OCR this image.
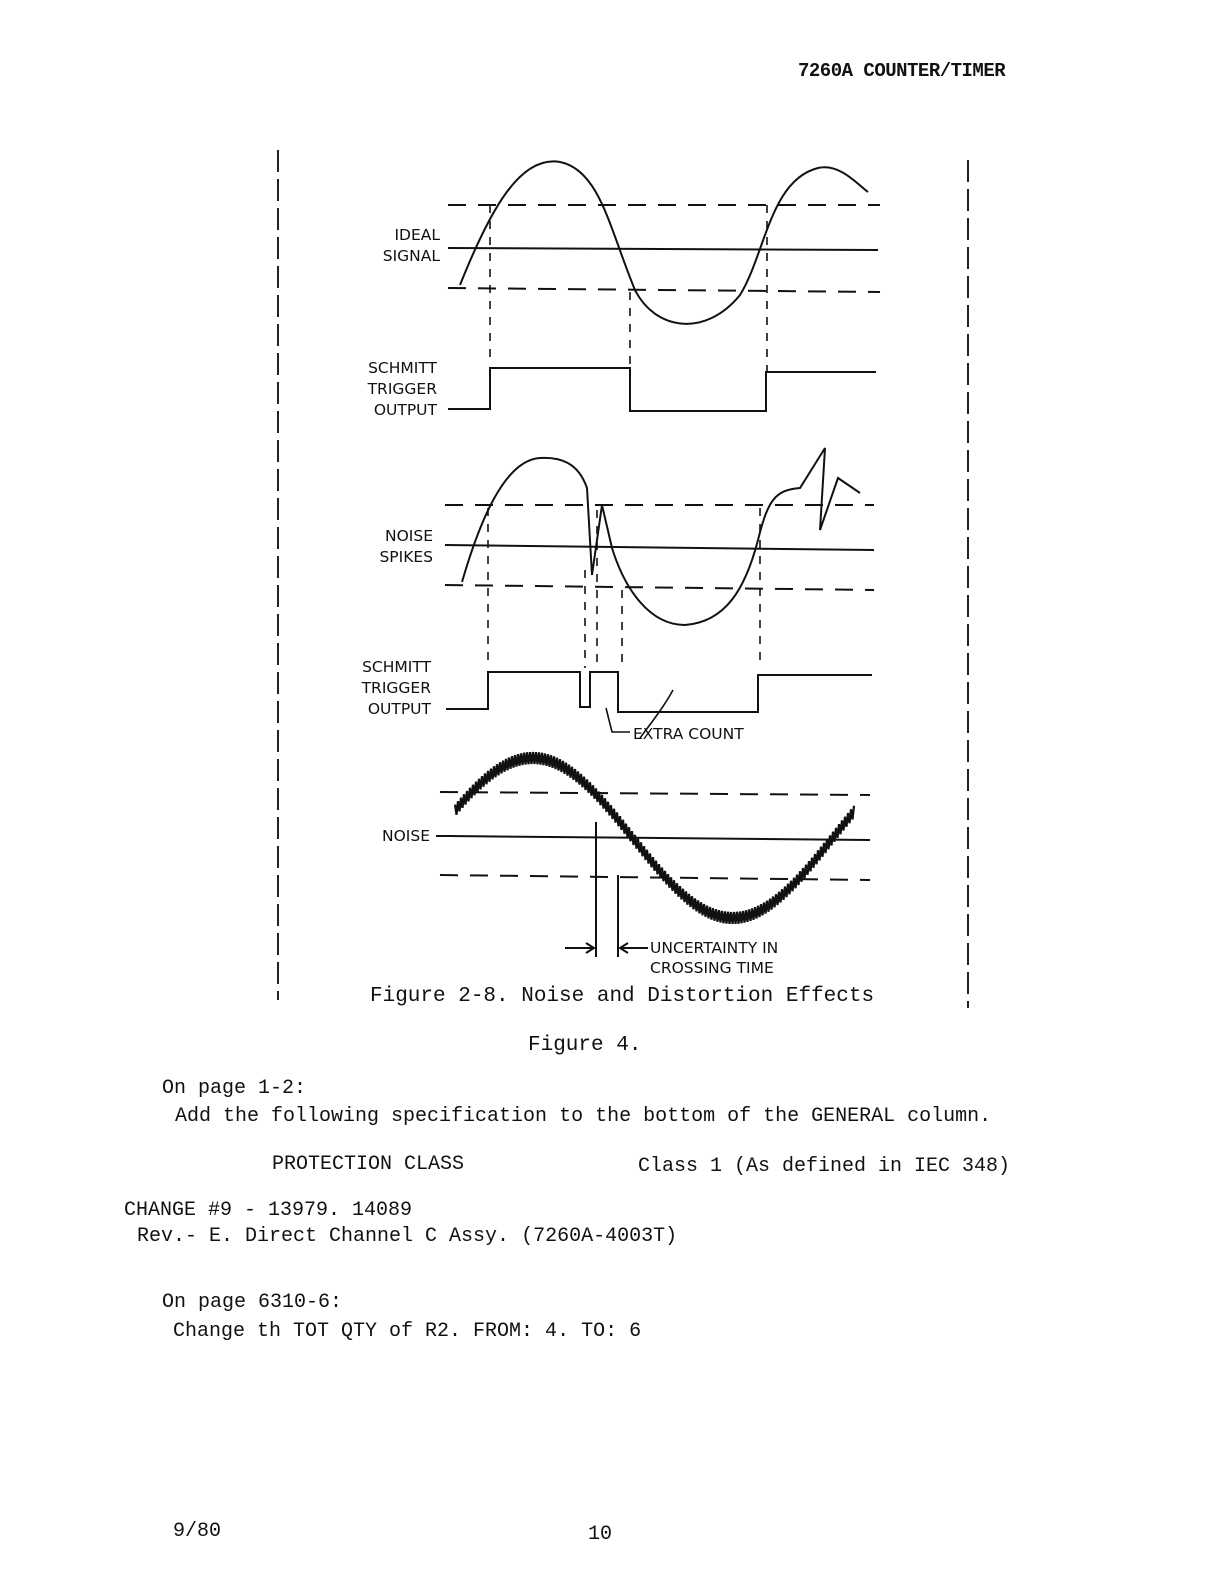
7260A COUNTER/TIMER
IDEAL
SIGNAL
SCHMITT
TRIGGER
OUTPUT
NOISE
SPIKES
SCHMITT
TRIGGER
OUTPUT
EXTRA COUNT
NOISE
UNCERTAINTY IN
CROSSING TIME
Figure 2-8. Noise and Distortion Effects
Figure 4.
On page 1-2:
Add the following specification to the bottom of the GENERAL column.
PROTECTION CLASS	Class 1 (As defined in IEC 348)
CHANGE #9 - 13979. 14089
Rev.- E. Direct Channel C Assy. (7260A-4003T)
On page 6310-6:
Change th TOT QTY of R2. FROM: 4. TO: 6
9/80	10
